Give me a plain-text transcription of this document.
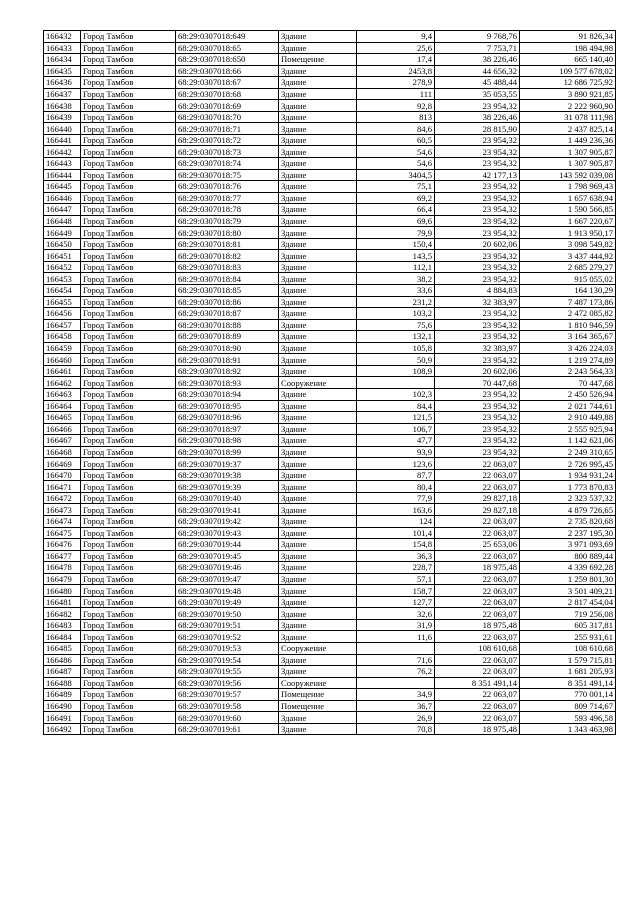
166432	Город Тамбов	68:29:0307018:649	Здание	9,4	9 768,76	91 826,34
166433	Город Тамбов	68:29:0307018:65	Здание	25,6	7 753,71	198 494,98
166434	Город Тамбов	68:29:0307018:650	Помещение	17,4	38 226,46	665 140,40
166435	Город Тамбов	68:29:0307018:66	Здание	2453,8	44 656,32	109 577 678,02
166436	Город Тамбов	68:29:0307018:67	Здание	278,9	45 488,44	12 686 725,92
166437	Город Тамбов	68:29:0307018:68	Здание	111	35 053,55	3 890 921,85
166438	Город Тамбов	68:29:0307018:69	Здание	92,8	23 954,32	2 222 960,90
166439	Город Тамбов	68:29:0307018:70	Здание	813	38 226,46	31 078 111,98
166440	Город Тамбов	68:29:0307018:71	Здание	84,6	28 815,90	2 437 825,14
166441	Город Тамбов	68:29:0307018:72	Здание	60,5	23 954,32	1 449 236,36
166442	Город Тамбов	68:29:0307018:73	Здание	54,6	23 954,32	1 307 905,87
166443	Город Тамбов	68:29:0307018:74	Здание	54,6	23 954,32	1 307 905,87
166444	Город Тамбов	68:29:0307018:75	Здание	3404,5	42 177,13	143 592 039,08
166445	Город Тамбов	68:29:0307018:76	Здание	75,1	23 954,32	1 798 969,43
166446	Город Тамбов	68:29:0307018:77	Здание	69,2	23 954,32	1 657 638,94
166447	Город Тамбов	68:29:0307018:78	Здание	66,4	23 954,32	1 590 566,85
166448	Город Тамбов	68:29:0307018:79	Здание	69,6	23 954,32	1 667 220,67
166449	Город Тамбов	68:29:0307018:80	Здание	79,9	23 954,32	1 913 950,17
166450	Город Тамбов	68:29:0307018:81	Здание	150,4	20 602,06	3 098 549,82
166451	Город Тамбов	68:29:0307018:82	Здание	143,5	23 954,32	3 437 444,92
166452	Город Тамбов	68:29:0307018:83	Здание	112,1	23 954,32	2 685 279,27
166453	Город Тамбов	68:29:0307018:84	Здание	38,2	23 954,32	915 055,02
166454	Город Тамбов	68:29:0307018:85	Здание	33,6	4 884,83	164 130,29
166455	Город Тамбов	68:29:0307018:86	Здание	231,2	32 383,97	7 487 173,86
166456	Город Тамбов	68:29:0307018:87	Здание	103,2	23 954,32	2 472 085,82
166457	Город Тамбов	68:29:0307018:88	Здание	75,6	23 954,32	1 810 946,59
166458	Город Тамбов	68:29:0307018:89	Здание	132,1	23 954,32	3 164 365,67
166459	Город Тамбов	68:29:0307018:90	Здание	105,8	32 383,97	3 426 224,03
166460	Город Тамбов	68:29:0307018:91	Здание	50,9	23 954,32	1 219 274,89
166461	Город Тамбов	68:29:0307018:92	Здание	108,9	20 602,06	2 243 564,33
166462	Город Тамбов	68:29:0307018:93	Сооружение		70 447,68	70 447,68
166463	Город Тамбов	68:29:0307018:94	Здание	102,3	23 954,32	2 450 526,94
166464	Город Тамбов	68:29:0307018:95	Здание	84,4	23 954,32	2 021 744,61
166465	Город Тамбов	68:29:0307018:96	Здание	121,5	23 954,32	2 910 449,88
166466	Город Тамбов	68:29:0307018:97	Здание	106,7	23 954,32	2 555 925,94
166467	Город Тамбов	68:29:0307018:98	Здание	47,7	23 954,32	1 142 621,06
166468	Город Тамбов	68:29:0307018:99	Здание	93,9	23 954,32	2 249 310,65
166469	Город Тамбов	68:29:0307019:37	Здание	123,6	22 063,07	2 726 995,45
166470	Город Тамбов	68:29:0307019:38	Здание	87,7	22 063,07	1 934 931,24
166471	Город Тамбов	68:29:0307019:39	Здание	80,4	22 063,07	1 773 870,83
166472	Город Тамбов	68:29:0307019:40	Здание	77,9	29 827,18	2 323 537,32
166473	Город Тамбов	68:29:0307019:41	Здание	163,6	29 827,18	4 879 726,65
166474	Город Тамбов	68:29:0307019:42	Здание	124	22 063,07	2 735 820,68
166475	Город Тамбов	68:29:0307019:43	Здание	101,4	22 063,07	2 237 195,30
166476	Город Тамбов	68:29:0307019:44	Здание	154,8	25 653,06	3 971 093,69
166477	Город Тамбов	68:29:0307019:45	Здание	36,3	22 063,07	800 889,44
166478	Город Тамбов	68:29:0307019:46	Здание	228,7	18 975,48	4 339 692,28
166479	Город Тамбов	68:29:0307019:47	Здание	57,1	22 063,07	1 259 801,30
166480	Город Тамбов	68:29:0307019:48	Здание	158,7	22 063,07	3 501 409,21
166481	Город Тамбов	68:29:0307019:49	Здание	127,7	22 063,07	2 817 454,04
166482	Город Тамбов	68:29:0307019:50	Здание	32,6	22 063,07	719 256,08
166483	Город Тамбов	68:29:0307019:51	Здание	31,9	18 975,48	605 317,81
166484	Город Тамбов	68:29:0307019:52	Здание	11,6	22 063,07	255 931,61
166485	Город Тамбов	68:29:0307019:53	Сооружение		108 610,68	108 610,68
166486	Город Тамбов	68:29:0307019:54	Здание	71,6	22 063,07	1 579 715,81
166487	Город Тамбов	68:29:0307019:55	Здание	76,2	22 063,07	1 681 205,93
166488	Город Тамбов	68:29:0307019:56	Сооружение		8 351 491,14	8 351 491,14
166489	Город Тамбов	68:29:0307019:57	Помещение	34,9	22 063,07	770 001,14
166490	Город Тамбов	68:29:0307019:58	Помещение	36,7	22 063,07	809 714,67
166491	Город Тамбов	68:29:0307019:60	Здание	26,9	22 063,07	593 496,58
166492	Город Тамбов	68:29:0307019:61	Здание	70,8	18 975,48	1 343 463,98
